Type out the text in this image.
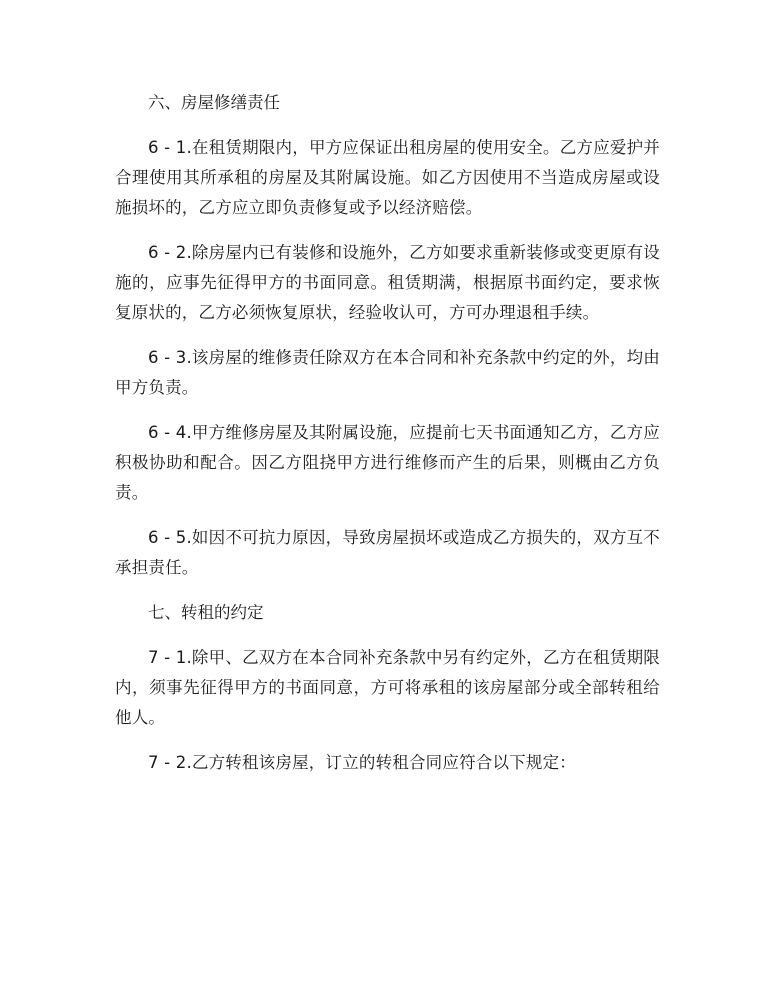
六、房屋修缮责任

6 - 1.在租赁期限内，甲方应保证出租房屋的使用安全。乙方应爱护并合理使用其所承租的房屋及其附属设施。如乙方因使用不当造成房屋或设施损坏的，乙方应立即负责修复或予以经济赔偿。

6 - 2.除房屋内已有装修和设施外，乙方如要求重新装修或变更原有设施的，应事先征得甲方的书面同意。租赁期满，根据原书面约定，要求恢复原状的，乙方必须恢复原状，经验收认可，方可办理退租手续。

6 - 3.该房屋的维修责任除双方在本合同和补充条款中约定的外，均由甲方负责。

6 - 4.甲方维修房屋及其附属设施，应提前七天书面通知乙方，乙方应积极协助和配合。因乙方阻挠甲方进行维修而产生的后果，则概由乙方负责。

6 - 5.如因不可抗力原因，导致房屋损坏或造成乙方损失的，双方互不承担责任。

七、转租的约定

7 - 1.除甲、乙双方在本合同补充条款中另有约定外，乙方在租赁期限内，须事先征得甲方的书面同意，方可将承租的该房屋部分或全部转租给他人。

7 - 2.乙方转租该房屋，订立的转租合同应符合以下规定：
